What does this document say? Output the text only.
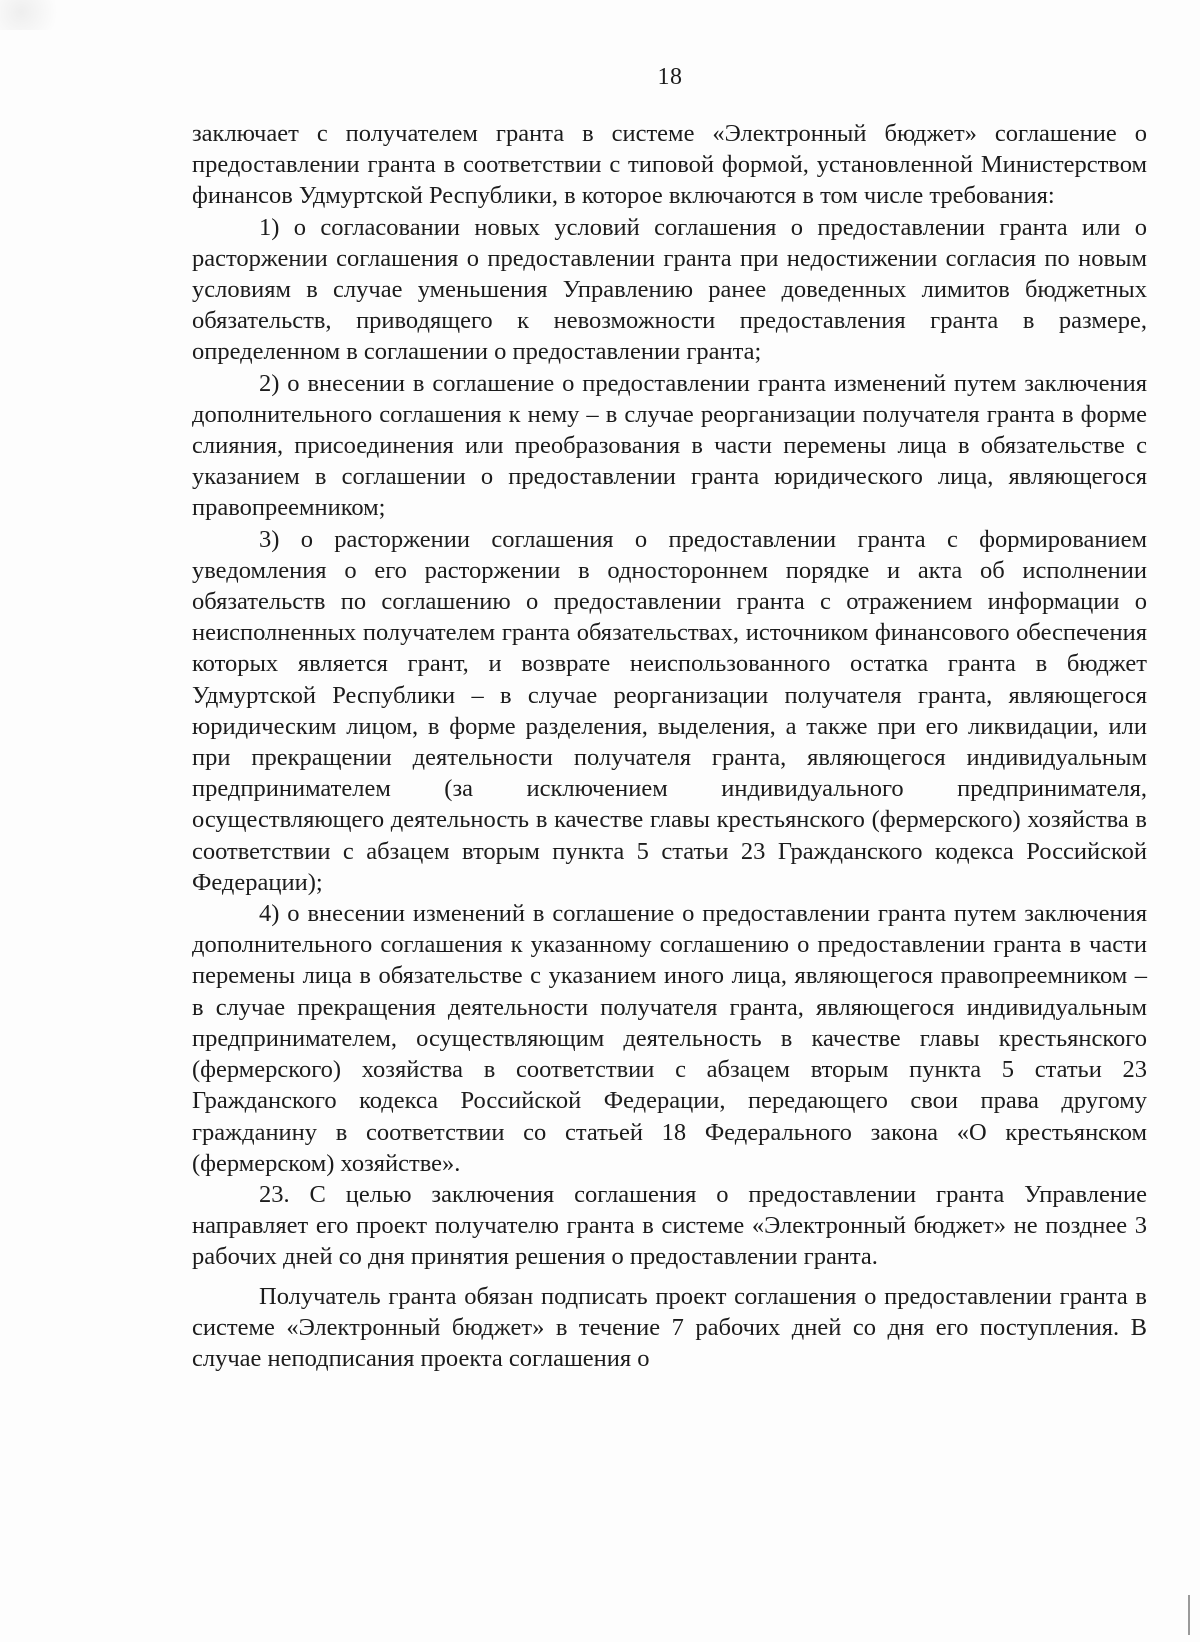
18

заключает с получателем гранта в системе «Электронный бюджет» соглашение о предоставлении гранта в соответствии с типовой формой, установленной Министерством финансов Удмуртской Республики, в которое включаются в том числе требования:

1) о согласовании новых условий соглашения о предоставлении гранта или о расторжении соглашения о предоставлении гранта при недостижении согласия по новым условиям в случае уменьшения Управлению ранее доведенных лимитов бюджетных обязательств, приводящего к невозможности предоставления гранта в размере, определенном в соглашении о предоставлении гранта;

2) о внесении в соглашение о предоставлении гранта изменений путем заключения дополнительного соглашения к нему – в случае реорганизации получателя гранта в форме слияния, присоединения или преобразования в части перемены лица в обязательстве с указанием в соглашении о предоставлении гранта юридического лица, являющегося правопреемником;

3) о расторжении соглашения о предоставлении гранта с формированием уведомления о его расторжении в одностороннем порядке и акта об исполнении обязательств по соглашению о предоставлении гранта с отражением информации о неисполненных получателем гранта обязательствах, источником финансового обеспечения которых является грант, и возврате неиспользованного остатка гранта в бюджет Удмуртской Республики – в случае реорганизации получателя гранта, являющегося юридическим лицом, в форме разделения, выделения, а также при его ликвидации, или при прекращении деятельности получателя гранта, являющегося индивидуальным предпринимателем (за исключением индивидуального предпринимателя, осуществляющего деятельность в качестве главы крестьянского (фермерского) хозяйства в соответствии с абзацем вторым пункта 5 статьи 23 Гражданского кодекса Российской Федерации);

4) о внесении изменений в соглашение о предоставлении гранта путем заключения дополнительного соглашения к указанному соглашению о предоставлении гранта в части перемены лица в обязательстве с указанием иного лица, являющегося правопреемником – в случае прекращения деятельности получателя гранта, являющегося индивидуальным предпринимателем, осуществляющим деятельность в качестве главы крестьянского (фермерского) хозяйства в соответствии с абзацем вторым пункта 5 статьи 23 Гражданского кодекса Российской Федерации, передающего свои права другому гражданину в соответствии со статьей 18 Федерального закона «О крестьянском (фермерском) хозяйстве».

23. С целью заключения соглашения о предоставлении гранта Управление направляет его проект получателю гранта в системе «Электронный бюджет» не позднее 3 рабочих дней со дня принятия решения о предоставлении гранта.

Получатель гранта обязан подписать проект соглашения о предоставлении гранта в системе «Электронный бюджет» в течение 7 рабочих дней со дня его поступления. В случае неподписания проекта соглашения о
